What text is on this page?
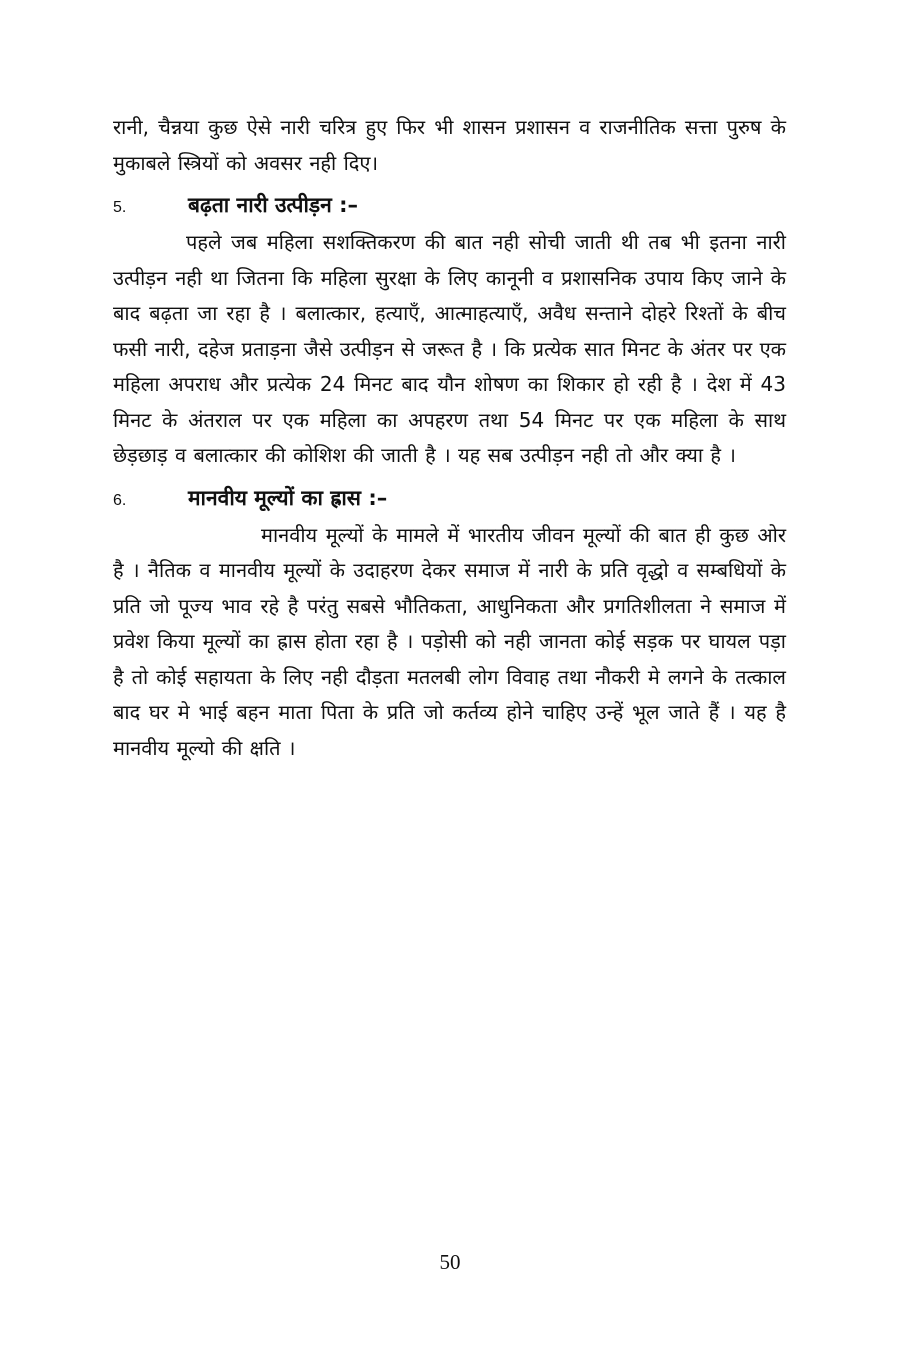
रानी, चैन्नया कुछ ऐसे नारी चरित्र हुए फिर भी शासन प्रशासन व राजनीतिक सत्ता पुरुष के मुकाबले स्त्रियों को अवसर नही दिए।

5.	बढ़ता नारी उत्पीड़न :–

पहले जब महिला सशक्तिकरण की बात नही सोची जाती थी तब भी इतना नारी उत्पीड़न नही था जितना कि महिला सुरक्षा के लिए कानूनी व प्रशासनिक उपाय किए जाने के बाद बढ़ता जा रहा है । बलात्कार, हत्याएँ, आत्माहत्याएँ, अवैध सन्ताने दोहरे रिश्तों के बीच फसी नारी, दहेज प्रताड़ना जैसे उत्पीड़न से जरूत है । कि प्रत्येक सात मिनट के अंतर पर एक महिला अपराध और प्रत्येक 24 मिनट बाद यौन शोषण का शिकार हो रही है । देश में 43 मिनट के अंतराल पर एक महिला का अपहरण तथा 54 मिनट पर एक महिला के साथ छेड़छाड़ व बलात्कार की कोशिश की जाती है । यह सब उत्पीड़न नही तो और क्या है ।

6.	मानवीय मूल्यों का ह्रास :–

मानवीय मूल्यों के मामले में भारतीय जीवन मूल्यों की बात ही कुछ ओर है । नैतिक व मानवीय मूल्यों के उदाहरण देकर समाज में नारी के प्रति वृद्धो व सम्बधियों के प्रति जो पूज्य भाव रहे है परंतु सबसे भौतिकता, आधुनिकता और प्रगतिशीलता ने समाज में प्रवेश किया मूल्यों का ह्रास होता रहा है । पड़ोसी को नही जानता कोई सड़क पर घायल पड़ा है तो कोई सहायता के लिए नही दौड़ता मतलबी लोग विवाह तथा नौकरी मे लगने के तत्काल बाद घर मे भाई बहन माता पिता के प्रति जो कर्तव्य होने चाहिए उन्हें भूल जाते हैं । यह है मानवीय मूल्यो की क्षति ।

50
